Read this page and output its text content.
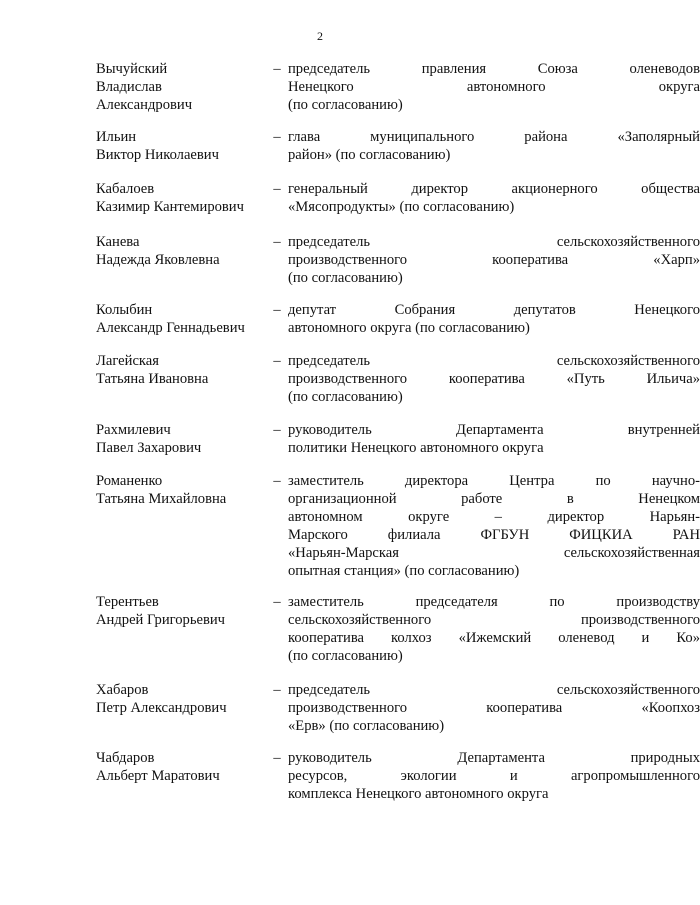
2
Вычуйский
Владислав
Александрович
– председатель правления Союза оленеводов
Ненецкого автономного округа
(по согласованию)
Ильин
Виктор Николаевич
– глава муниципального района «Заполярный
район» (по согласованию)
Кабалоев
Казимир Кантемирович
– генеральный директор акционерного общества
«Мясопродукты» (по согласованию)
Канева
Надежда Яковлевна
– председатель сельскохозяйственного
производственного кооператива «Харп»
(по согласованию)
Колыбин
Александр Геннадьевич
– депутат Собрания депутатов Ненецкого
автономного округа (по согласованию)
Лагейская
Татьяна Ивановна
– председатель сельскохозяйственного
производственного кооператива «Путь Ильича»
(по согласованию)
Рахмилевич
Павел Захарович
– руководитель Департамента внутренней
политики Ненецкого автономного округа
Романенко
Татьяна Михайловна
– заместитель директора Центра по научно-
организационной работе в Ненецком
автономном округе – директор Нарьян-
Марского филиала ФГБУН ФИЦКИА РАН
«Нарьян-Марская сельскохозяйственная
опытная станция» (по согласованию)
Терентьев
Андрей Григорьевич
– заместитель председателя по производству
сельскохозяйственного производственного
кооператива колхоз «Ижемский оленевод и Ко»
(по согласованию)
Хабаров
Петр Александрович
– председатель сельскохозяйственного
производственного кооператива «Коопхоз
«Ерв» (по согласованию)
Чабдаров
Альберт Маратович
– руководитель Департамента природных
ресурсов, экологии и агропромышленного
комплекса Ненецкого автономного округа
